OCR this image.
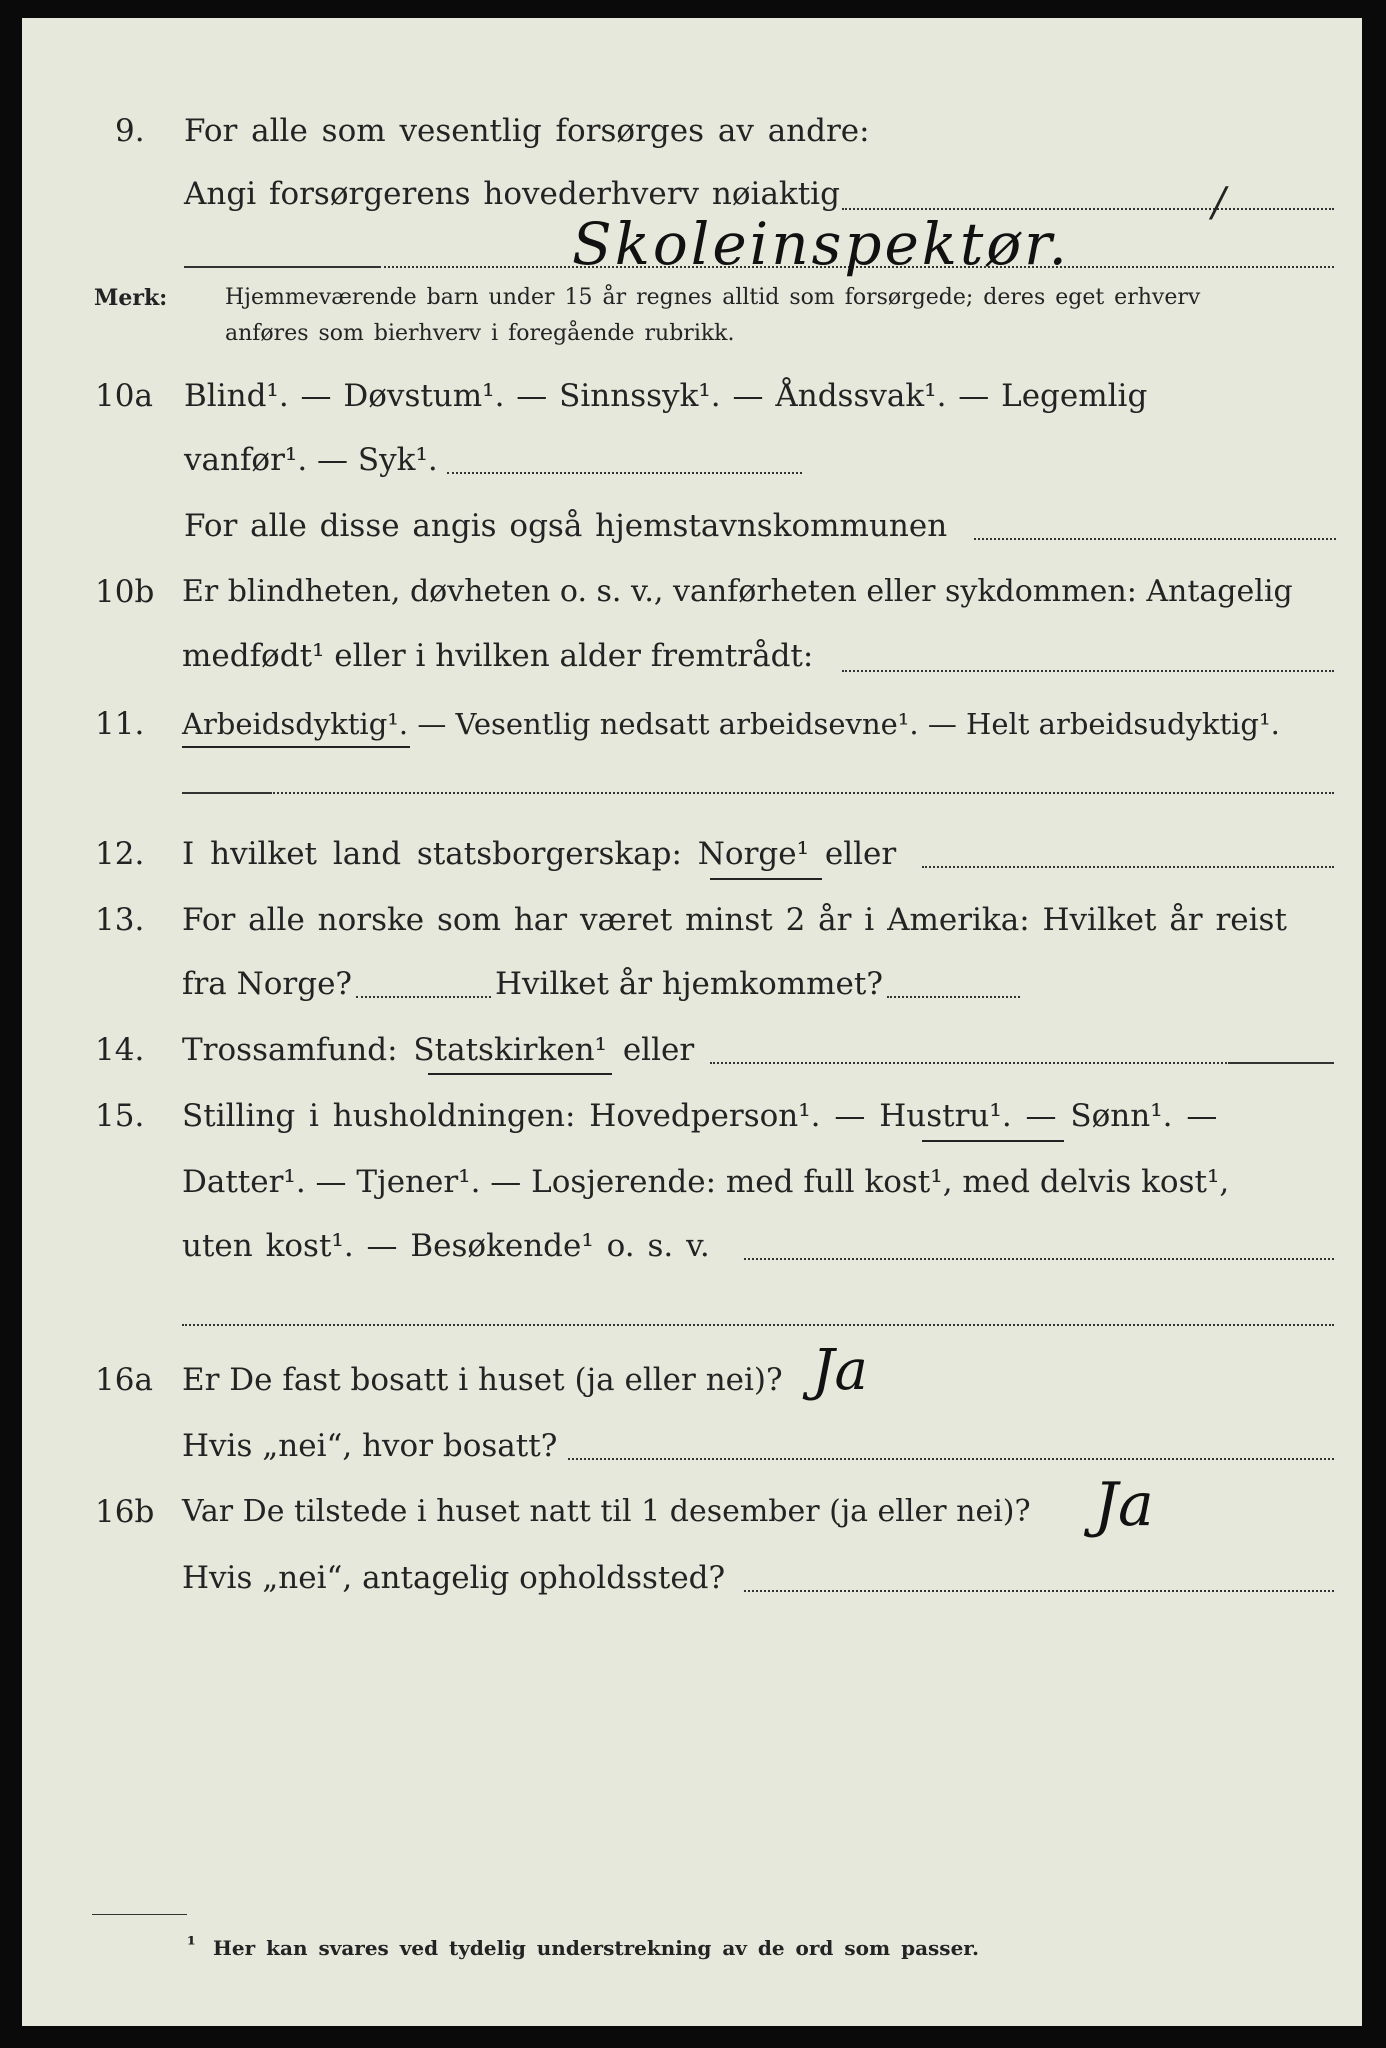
9. For alle som vesentlig forsørges av andre:
Angi forsørgerens hovederhverv nøiaktig	/
Skoleinspektør.
Merk:	Hjemmeværende barn under 15 år regnes alltid som forsørgede; deres eget erhverv
anføres som bierhverv i foregående rubrikk.
10a Blind¹. — Døvstum¹. — Sinnssyk¹. — Åndssvak¹. — Legemlig
vanfør¹. — Syk¹.
For alle disse angis også hjemstavnskommunen
10b Er blindheten, døvheten o. s. v., vanførheten eller sykdommen: Antagelig
medfødt¹ eller i hvilken alder fremtrådt:
11. Arbeidsdyktig¹. — Vesentlig nedsatt arbeidsevne¹. — Helt arbeidsudyktig¹.
12. I hvilket land statsborgerskap: Norge¹ eller
13. For alle norske som har været minst 2 år i Amerika: Hvilket år reist
fra Norge?	Hvilket år hjemkommet?
14. Trossamfund: Statskirken¹ eller
15. Stilling i husholdningen: Hovedperson¹. — Hustru¹. — Sønn¹. —
Datter¹. — Tjener¹. — Losjerende: med full kost¹, med delvis kost¹,
uten kost¹. — Besøkende¹ o. s. v.
16a Er De fast bosatt i huset (ja eller nei)? Ja
Hvis „nei“, hvor bosatt?
16b Var De tilstede i huset natt til 1 desember (ja eller nei)? Ja
Hvis „nei“, antagelig opholdssted?
¹ Her kan svares ved tydelig understrekning av de ord som passer.
